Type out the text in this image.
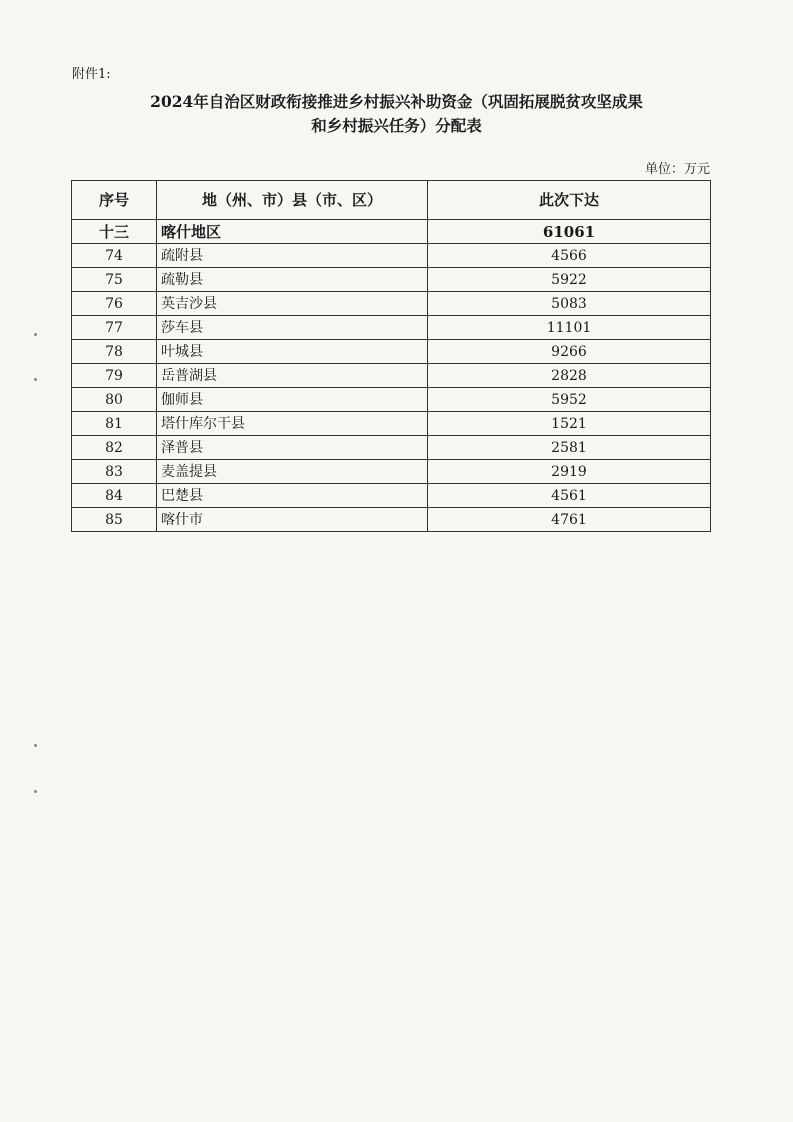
附件1:
2024年自治区财政衔接推进乡村振兴补助资金（巩固拓展脱贫攻坚成果
和乡村振兴任务）分配表
单位：万元
序号	地（州、市）县（市、区）	此次下达
十三	喀什地区	61061
74	疏附县	4566
75	疏勒县	5922
76	英吉沙县	5083
77	莎车县	11101
78	叶城县	9266
79	岳普湖县	2828
80	伽师县	5952
81	塔什库尔干县	1521
82	泽普县	2581
83	麦盖提县	2919
84	巴楚县	4561
85	喀什市	4761
